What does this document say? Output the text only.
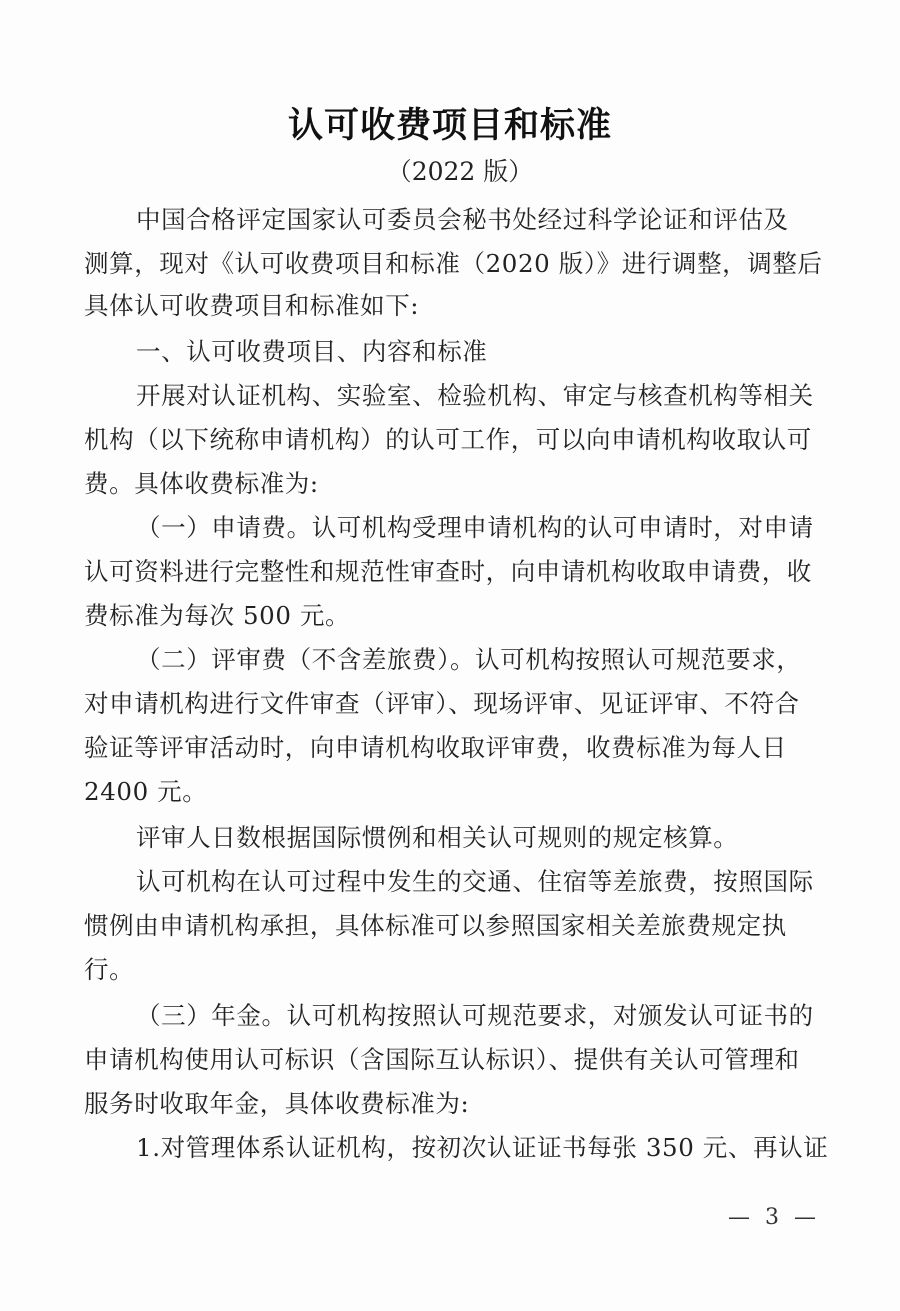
认可收费项目和标准
（2022 版）
中国合格评定国家认可委员会秘书处经过科学论证和评估及
测算，现对《认可收费项目和标准（2020 版）》进行调整，调整后
具体认可收费项目和标准如下:
一、认可收费项目、内容和标准
开展对认证机构、实验室、检验机构、审定与核查机构等相关
机构（以下统称申请机构）的认可工作，可以向申请机构收取认可
费。具体收费标准为:
（一）申请费。认可机构受理申请机构的认可申请时，对申请
认可资料进行完整性和规范性审查时，向申请机构收取申请费，收
费标准为每次 500 元。
（二）评审费（不含差旅费）。认可机构按照认可规范要求，
对申请机构进行文件审查（评审）、现场评审、见证评审、不符合
验证等评审活动时，向申请机构收取评审费，收费标准为每人日
2400 元。
评审人日数根据国际惯例和相关认可规则的规定核算。
认可机构在认可过程中发生的交通、住宿等差旅费，按照国际
惯例由申请机构承担，具体标准可以参照国家相关差旅费规定执
行。
（三）年金。认可机构按照认可规范要求，对颁发认可证书的
申请机构使用认可标识（含国际互认标识）、提供有关认可管理和
服务时收取年金，具体收费标准为:
1.对管理体系认证机构，按初次认证证书每张 350 元、再认证
— 3 —
